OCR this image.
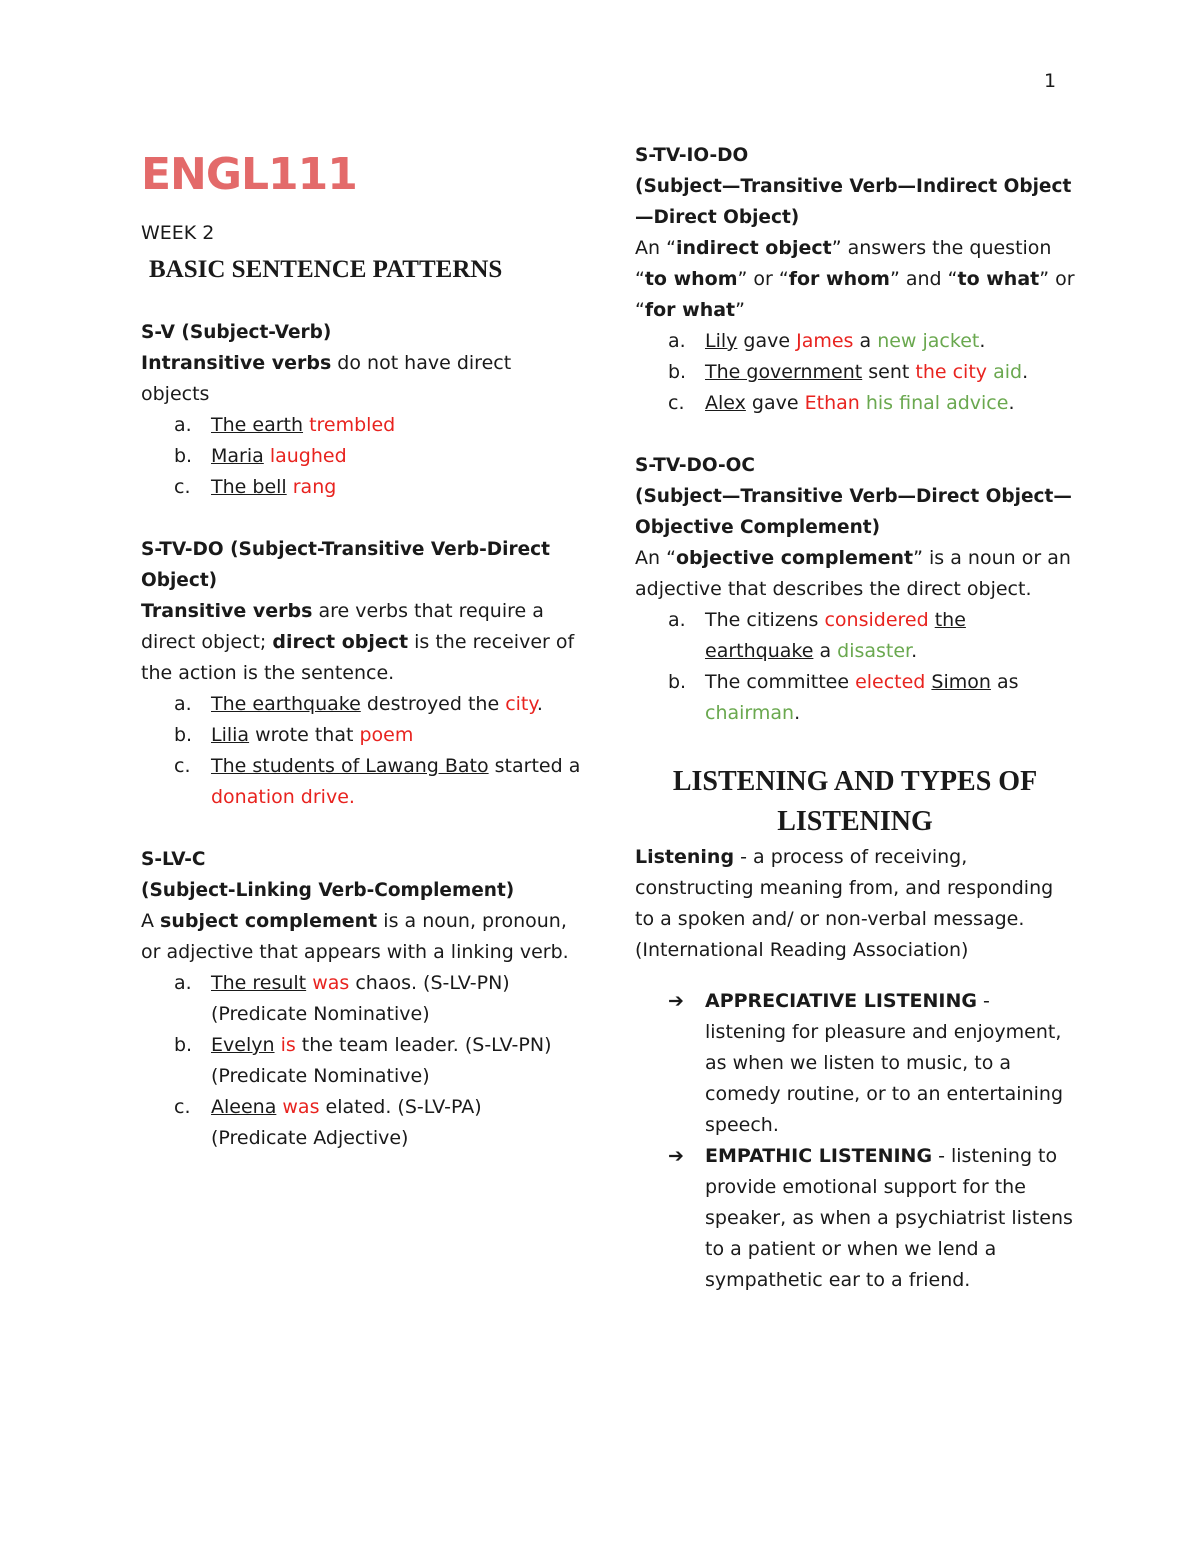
1
ENGL111
WEEK 2
BASIC SENTENCE PATTERNS
S-V (Subject-Verb)
Intransitive verbs do not have direct objects
a. The earth trembled
b. Maria laughed
c. The bell rang
S-TV-DO (Subject-Transitive Verb-Direct Object)
Transitive verbs are verbs that require a direct object; direct object is the receiver of the action is the sentence.
a. The earthquake destroyed the city.
b. Lilia wrote that poem
c. The students of Lawang Bato started a donation drive.
S-LV-C
(Subject-Linking Verb-Complement)
A subject complement is a noun, pronoun, or adjective that appears with a linking verb.
a. The result was chaos. (S-LV-PN) (Predicate Nominative)
b. Evelyn is the team leader. (S-LV-PN)(Predicate Nominative)
c. Aleena was elated. (S-LV-PA) (Predicate Adjective)
S-TV-IO-DO
(Subject—Transitive Verb—Indirect Object—Direct Object)
An “indirect object” answers the question “to whom” or “for whom” and “to what” or “for what”
a. Lily gave James a new jacket.
b. The government sent the city aid.
c. Alex gave Ethan his final advice.
S-TV-DO-OC
(Subject—Transitive Verb—Direct Object—Objective Complement)
An “objective complement” is a noun or an adjective that describes the direct object.
a. The citizens considered the earthquake a disaster.
b. The committee elected Simon as chairman.
LISTENING AND TYPES OF
LISTENING
Listening - a process of receiving, constructing meaning from, and responding to a spoken and/ or non-verbal message. (International Reading Association)
➔ APPRECIATIVE LISTENING - listening for pleasure and enjoyment, as when we listen to music, to a comedy routine, or to an entertaining speech.
➔ EMPATHIC LISTENING - listening to provide emotional support for the speaker, as when a psychiatrist listens to a patient or when we lend a sympathetic ear to a friend.
